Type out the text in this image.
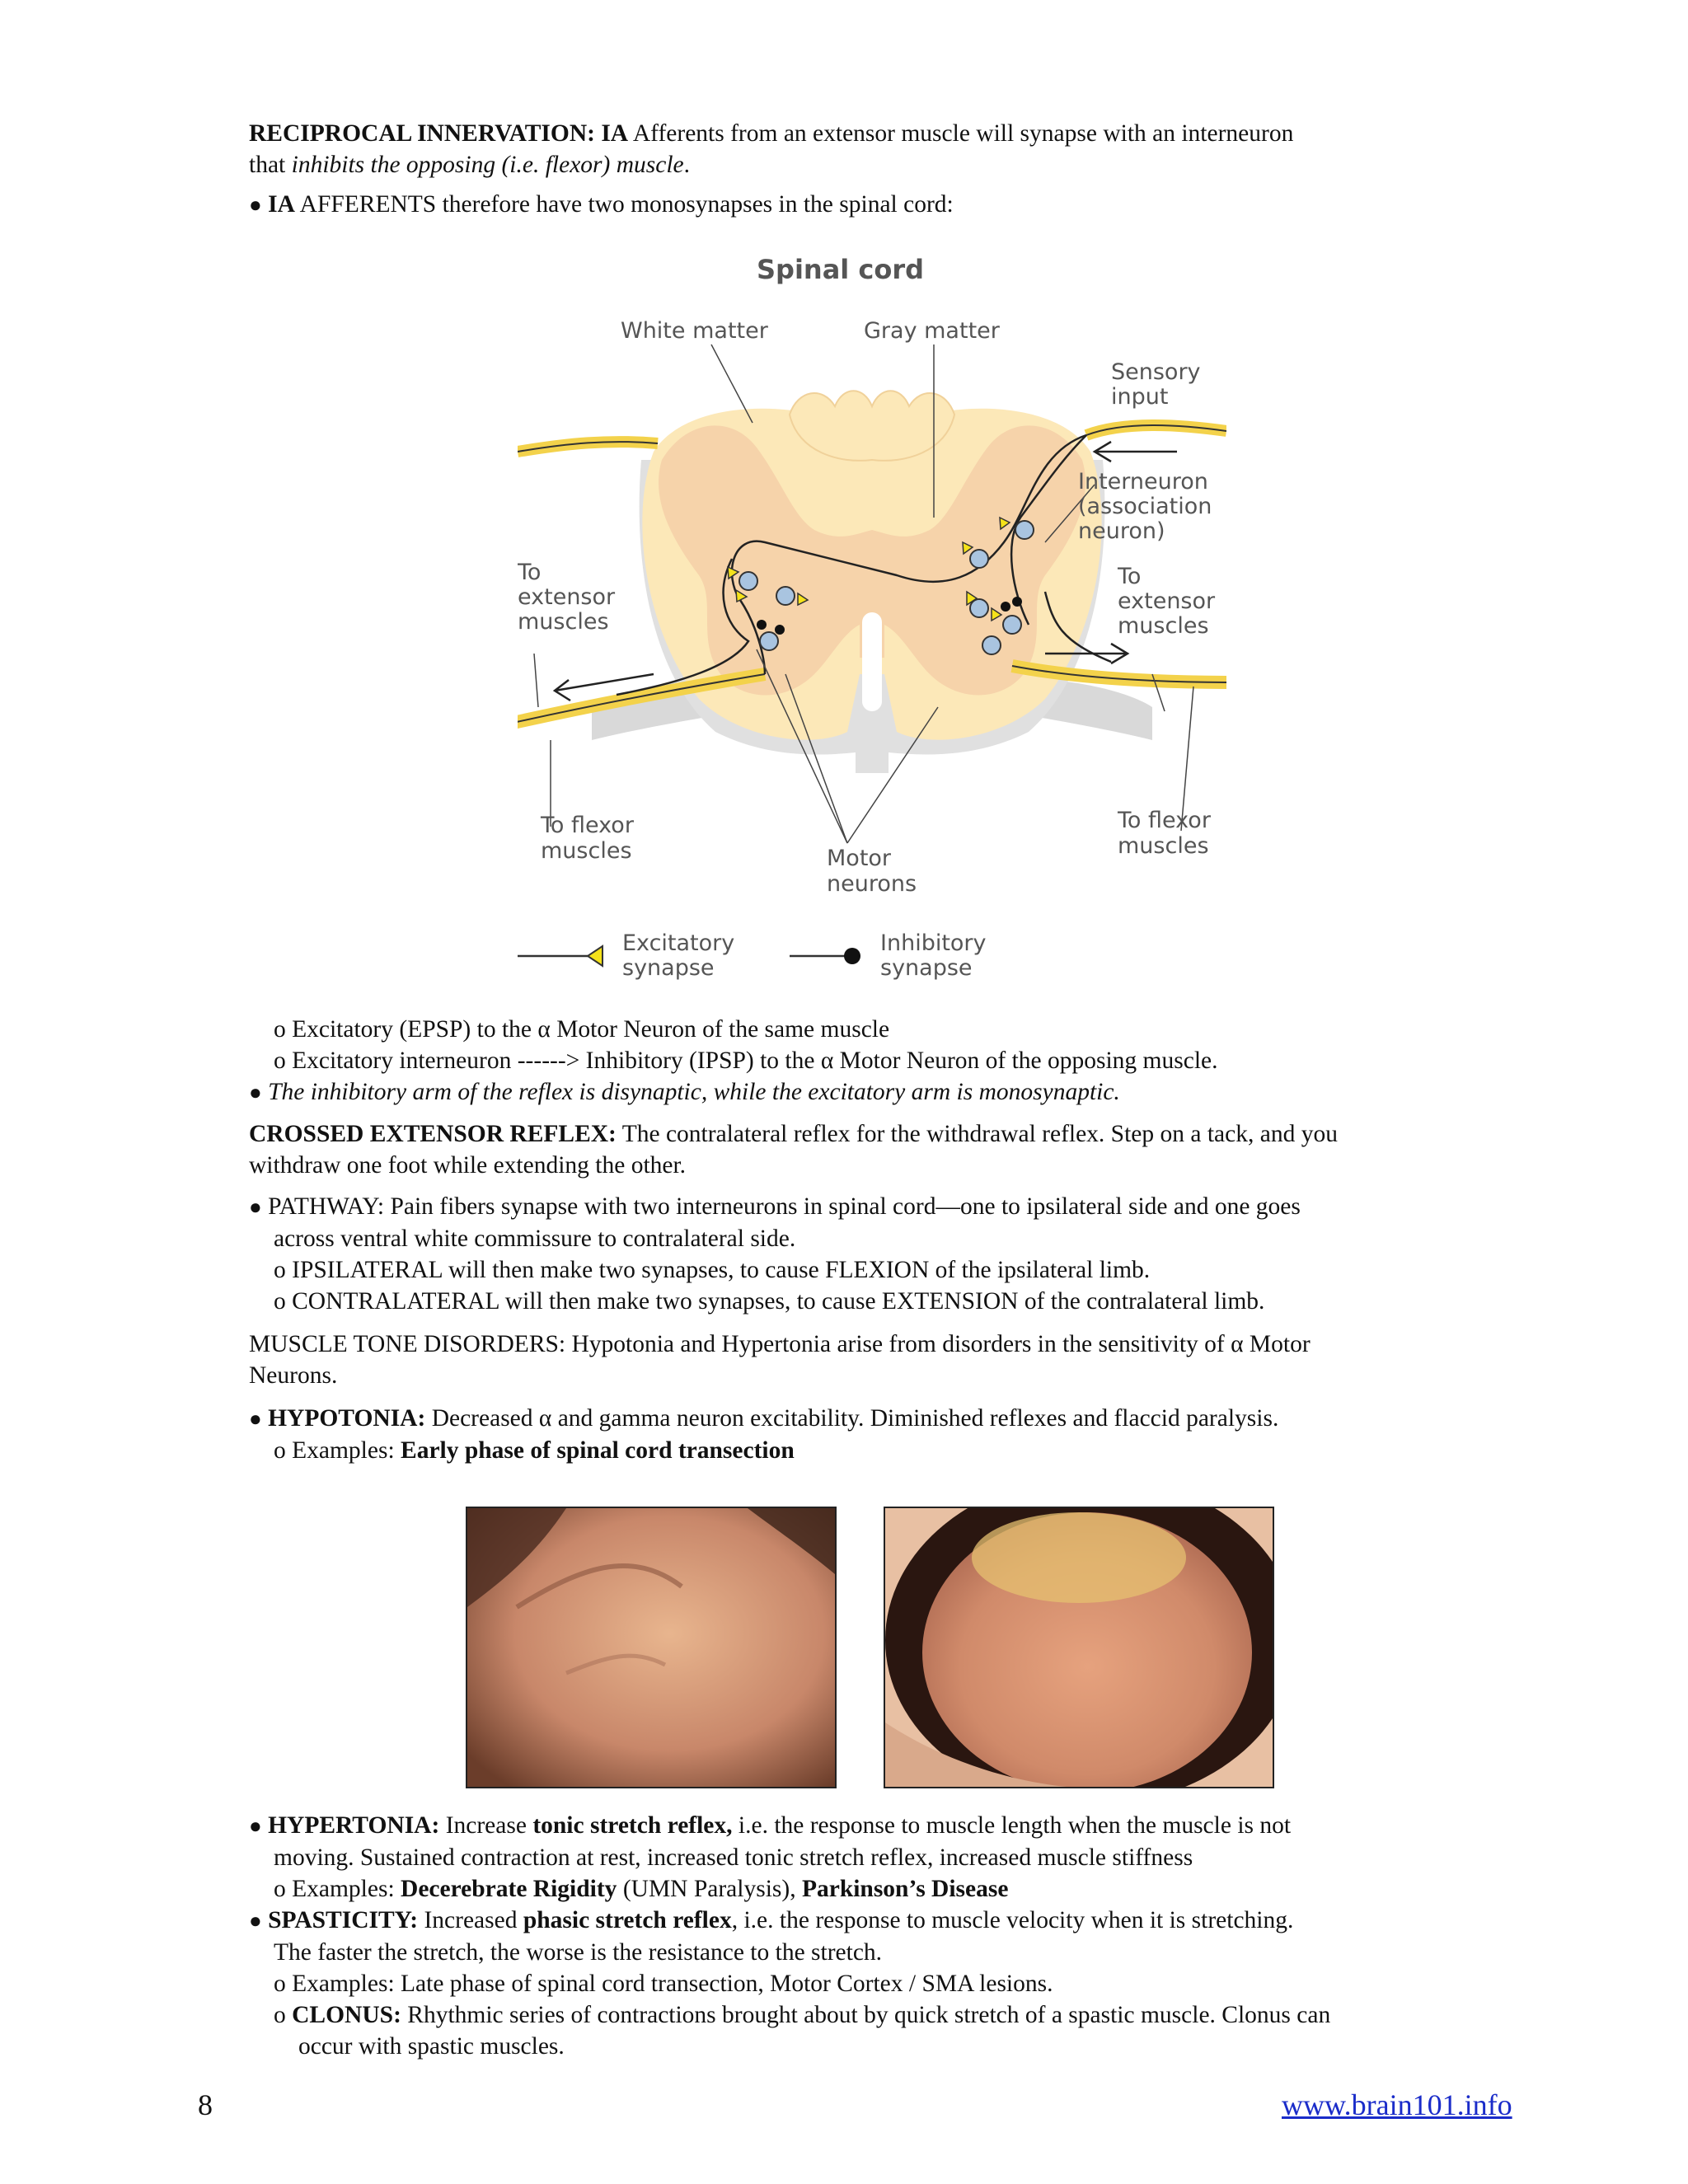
RECIPROCAL INNERVATION: IA Afferents from an extensor muscle will synapse with an interneuron
that inhibits the opposing (i.e. flexor) muscle.
● IA AFFERENTS therefore have two monosynapses in the spinal cord:
Spinal cord
White matter	Gray matter
Sensory
input
Interneuron
(association
neuron)
To
extensor
muscles
To
extensor
muscles
To flexor
muscles
To flexor
muscles
Motor
neurons
Excitatory
synapse
Inhibitory
synapse
o Excitatory (EPSP) to the α Motor Neuron of the same muscle
o Excitatory interneuron ------> Inhibitory (IPSP) to the α Motor Neuron of the opposing muscle.
● The inhibitory arm of the reflex is disynaptic, while the excitatory arm is monosynaptic.
CROSSED EXTENSOR REFLEX: The contralateral reflex for the withdrawal reflex. Step on a tack, and you
withdraw one foot while extending the other.
● PATHWAY: Pain fibers synapse with two interneurons in spinal cord—one to ipsilateral side and one goes
across ventral white commissure to contralateral side.
o IPSILATERAL will then make two synapses, to cause FLEXION of the ipsilateral limb.
o CONTRALATERAL will then make two synapses, to cause EXTENSION of the contralateral limb.
MUSCLE TONE DISORDERS: Hypotonia and Hypertonia arise from disorders in the sensitivity of α Motor
Neurons.
● HYPOTONIA: Decreased α and gamma neuron excitability. Diminished reflexes and flaccid paralysis.
o Examples: Early phase of spinal cord transection
● HYPERTONIA: Increase tonic stretch reflex, i.e. the response to muscle length when the muscle is not
moving. Sustained contraction at rest, increased tonic stretch reflex, increased muscle stiffness
o Examples: Decerebrate Rigidity (UMN Paralysis), Parkinson’s Disease
● SPASTICITY: Increased phasic stretch reflex, i.e. the response to muscle velocity when it is stretching.
The faster the stretch, the worse is the resistance to the stretch.
o Examples: Late phase of spinal cord transection, Motor Cortex / SMA lesions.
o CLONUS: Rhythmic series of contractions brought about by quick stretch of a spastic muscle. Clonus can
occur with spastic muscles.
8	www.brain101.info
